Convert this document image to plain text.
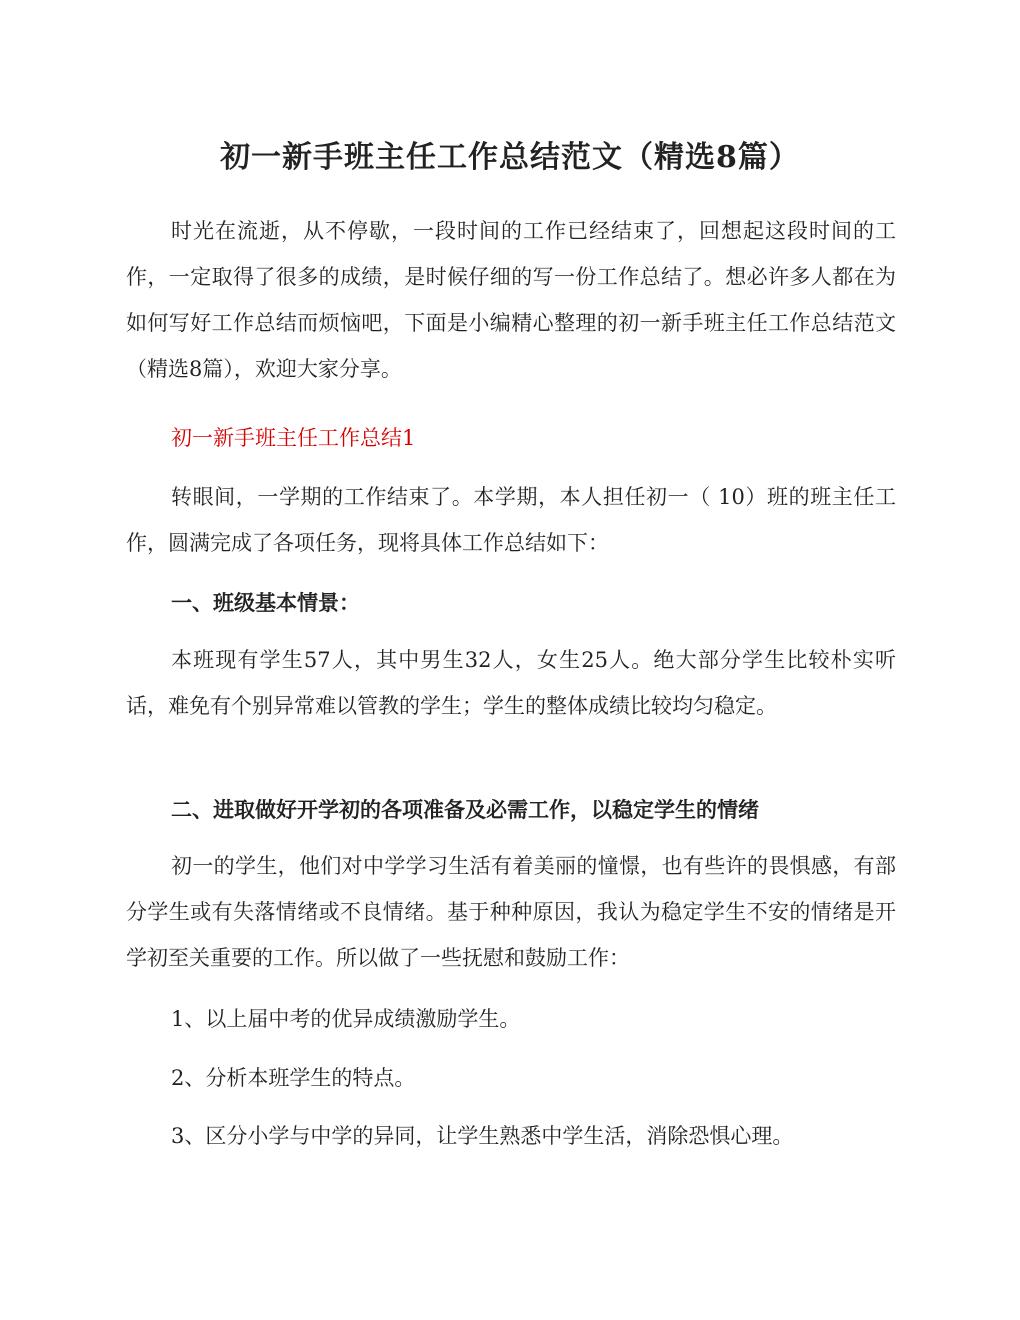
初一新手班主任工作总结范文（精选8篇）

时光在流逝，从不停歇，一段时间的工作已经结束了，回想起这段时间的工作，一定取得了很多的成绩，是时候仔细的写一份工作总结了。想必许多人都在为如何写好工作总结而烦恼吧，下面是小编精心整理的初一新手班主任工作总结范文（精选8篇），欢迎大家分享。

初一新手班主任工作总结1

转眼间，一学期的工作结束了。本学期，本人担任初一（ 10）班的班主任工作，圆满完成了各项任务，现将具体工作总结如下：

一、班级基本情景：

本班现有学生57人，其中男生32人，女生25人。绝大部分学生比较朴实听话，难免有个别异常难以管教的学生；学生的整体成绩比较均匀稳定。

二、进取做好开学初的各项准备及必需工作，以稳定学生的情绪

初一的学生，他们对中学学习生活有着美丽的憧憬，也有些许的畏惧感，有部分学生或有失落情绪或不良情绪。基于种种原因，我认为稳定学生不安的情绪是开学初至关重要的工作。所以做了一些抚慰和鼓励工作：

1、以上届中考的优异成绩激励学生。

2、分析本班学生的特点。

3、区分小学与中学的异同，让学生熟悉中学生活，消除恐惧心理。
